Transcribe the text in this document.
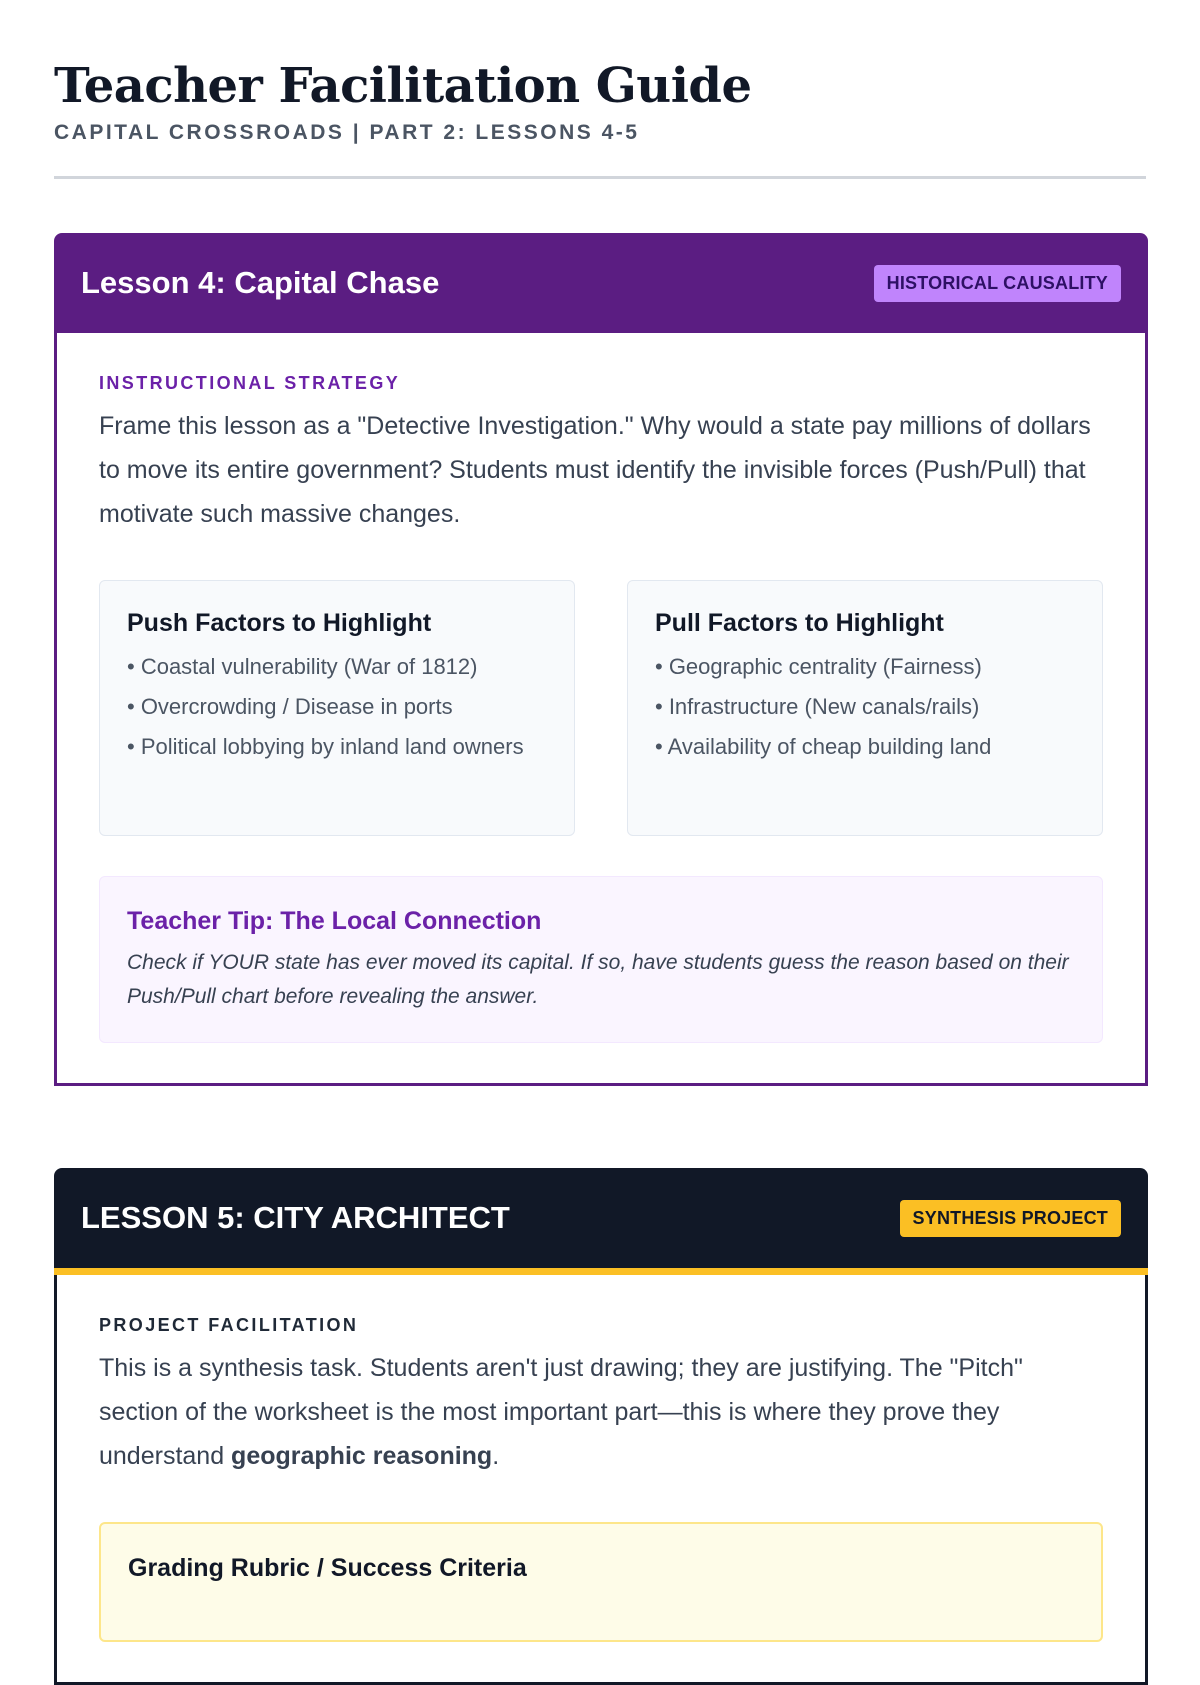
Teacher Facilitation Guide
CAPITAL CROSSROADS | PART 2: LESSONS 4-5
Lesson 4: Capital Chase	HISTORICAL CAUSALITY
INSTRUCTIONAL STRATEGY
Frame this lesson as a "Detective Investigation." Why would a state pay millions of dollars to move its entire government? Students must identify the invisible forces (Push/Pull) that motivate such massive changes.
Push Factors to Highlight
• Coastal vulnerability (War of 1812)
• Overcrowding / Disease in ports
• Political lobbying by inland land owners
Pull Factors to Highlight
• Geographic centrality (Fairness)
• Infrastructure (New canals/rails)
• Availability of cheap building land
Teacher Tip: The Local Connection
Check if YOUR state has ever moved its capital. If so, have students guess the reason based on their Push/Pull chart before revealing the answer.
LESSON 5: CITY ARCHITECT	SYNTHESIS PROJECT
PROJECT FACILITATION
This is a synthesis task. Students aren't just drawing; they are justifying. The "Pitch" section of the worksheet is the most important part—this is where they prove they understand geographic reasoning.
Grading Rubric / Success Criteria
